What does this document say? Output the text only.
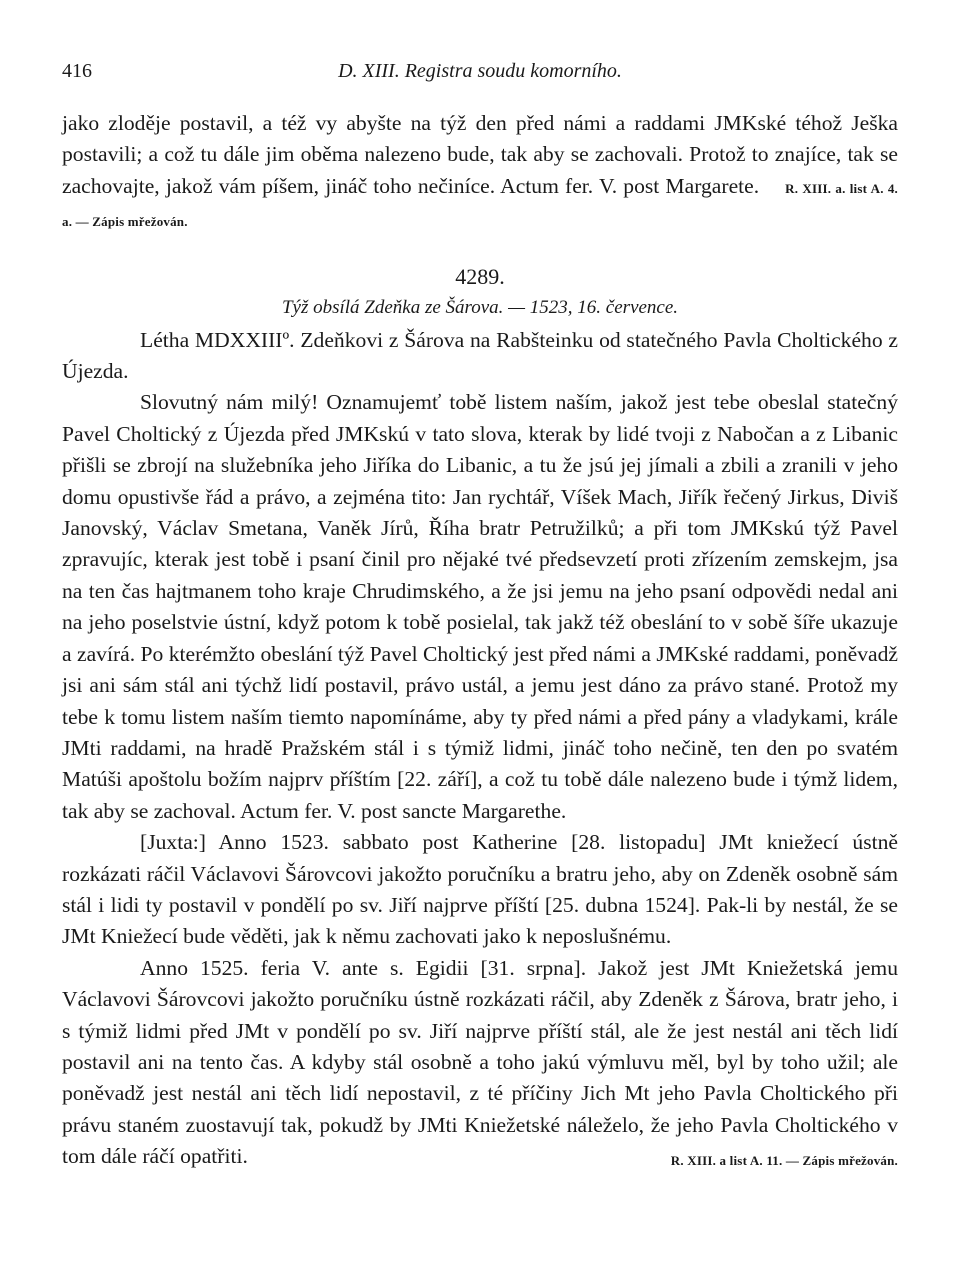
416	D. XIII. Registra soudu komorního.

jako zloděje postavil, a též vy abyšte na týž den před námi a raddami JMKské téhož Ješka postavili; a což tu dále jim oběma nalezeno bude, tak aby se zachovali. Protož to znajíce, tak se zachovajte, jakož vám píšem, jináč toho nečiníce. Actum fer. V. post Margarete. R. XIII. a. list A. 4. a. — Zápis mřežován.

4289.
Týž obsílá Zdeňka ze Šárova. — 1523, 16. července.

Létha MDXXIIIº. Zdeňkovi z Šárova na Rabšteinku od statečného Pavla Choltického z Újezda.

Slovutný nám milý! Oznamujemť tobě listem naším, jakož jest tebe obeslal statečný Pavel Choltický z Újezda před JMKskú v tato slova, kterak by lidé tvoji z Nabočan a z Libanic přišli se zbrojí na služebníka jeho Jiříka do Libanic, a tu že jsú jej jímali a zbili a zranili v jeho domu opustivše řád a právo, a zejména tito: Jan rychtář, Víšek Mach, Jiřík řečený Jirkus, Diviš Janovský, Václav Smetana, Vaněk Jírů, Říha bratr Petružilků; a při tom JMKskú týž Pavel zpravujíc, kterak jest tobě i psaní činil pro nějaké tvé předsevzetí proti zřízením zemskejm, jsa na ten čas hajtmanem toho kraje Chrudimského, a že jsi jemu na jeho psaní odpovědi nedal ani na jeho poselstvie ústní, když potom k tobě posielal, tak jakž též obeslání to v sobě šíře ukazuje a zavírá. Po kterémžto obeslání týž Pavel Choltický jest před námi a JMKské raddami, poněvadž jsi ani sám stál ani týchž lidí postavil, právo ustál, a jemu jest dáno za právo stané. Protož my tebe k tomu listem naším tiemto napomínáme, aby ty před námi a před pány a vladykami, krále JMti raddami, na hradě Pražském stál i s týmiž lidmi, jináč toho nečině, ten den po svatém Matúši apoštolu božím najprv příštím [22. září], a což tu tobě dále nalezeno bude i týmž lidem, tak aby se zachoval. Actum fer. V. post sancte Margarethe.

[Juxta:] Anno 1523. sabbato post Katherine [28. listopadu] JMt kniežecí ústně rozkázati ráčil Václavovi Šárovcovi jakožto poručníku a bratru jeho, aby on Zdeněk osobně sám stál i lidi ty postavil v pondělí po sv. Jiří najprve příští [25. dubna 1524]. Pak-li by nestál, že se JMt Kniežecí bude věděti, jak k němu zachovati jako k neposlušnému.

Anno 1525. feria V. ante s. Egidii [31. srpna]. Jakož jest JMt Kniežetská jemu Václavovi Šárovcovi jakožto poručníku ústně rozkázati ráčil, aby Zdeněk z Šárova, bratr jeho, i s týmiž lidmi před JMt v pondělí po sv. Jiří najprve příští stál, ale že jest nestál ani těch lidí postavil ani na tento čas. A kdyby stál osobně a toho jakú výmluvu měl, byl by toho užil; ale poněvadž jest nestál ani těch lidí nepostavil, z té příčiny Jich Mt jeho Pavla Choltického při právu staném zuostavují tak, pokudž by JMti Kniežetské náleželo, že jeho Pavla Choltického v tom dále ráčí opatřiti.	R. XIII. a list A. 11. — Zápis mřežován.
